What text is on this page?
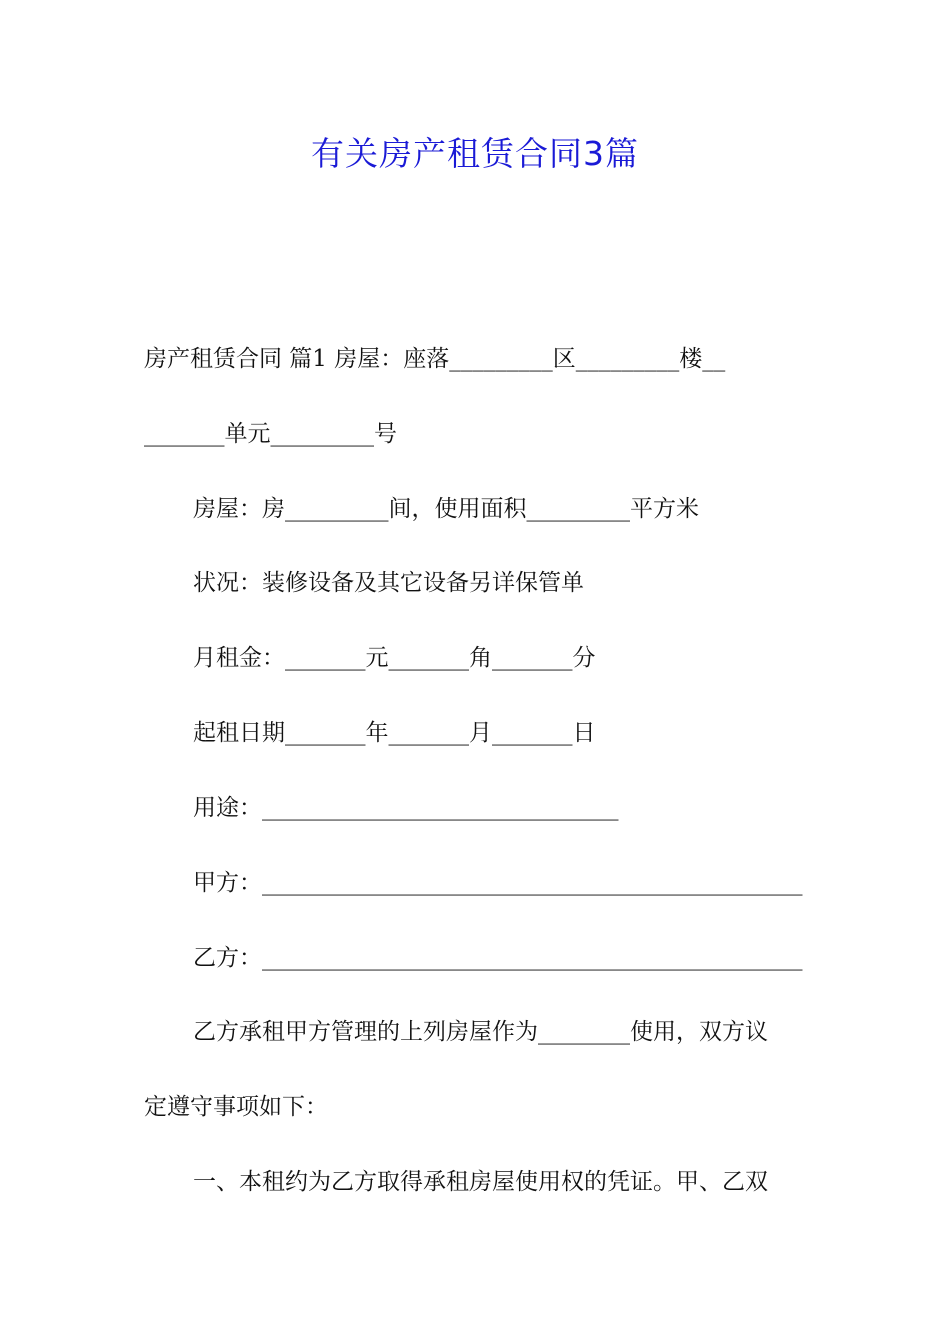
有关房产租赁合同3篇
房产租赁合同 篇1 房屋：座落_________区_________楼__
_______单元_________号
房屋：房_________间，使用面积_________平方米
状况：装修设备及其它设备另详保管单
月租金：_______元_______角_______分
起租日期_______年_______月_______日
用途：_______________________________
甲方：_______________________________________________
乙方：_______________________________________________
乙方承租甲方管理的上列房屋作为________使用，双方议
定遵守事项如下：
一、本租约为乙方取得承租房屋使用权的凭证。甲、乙双
